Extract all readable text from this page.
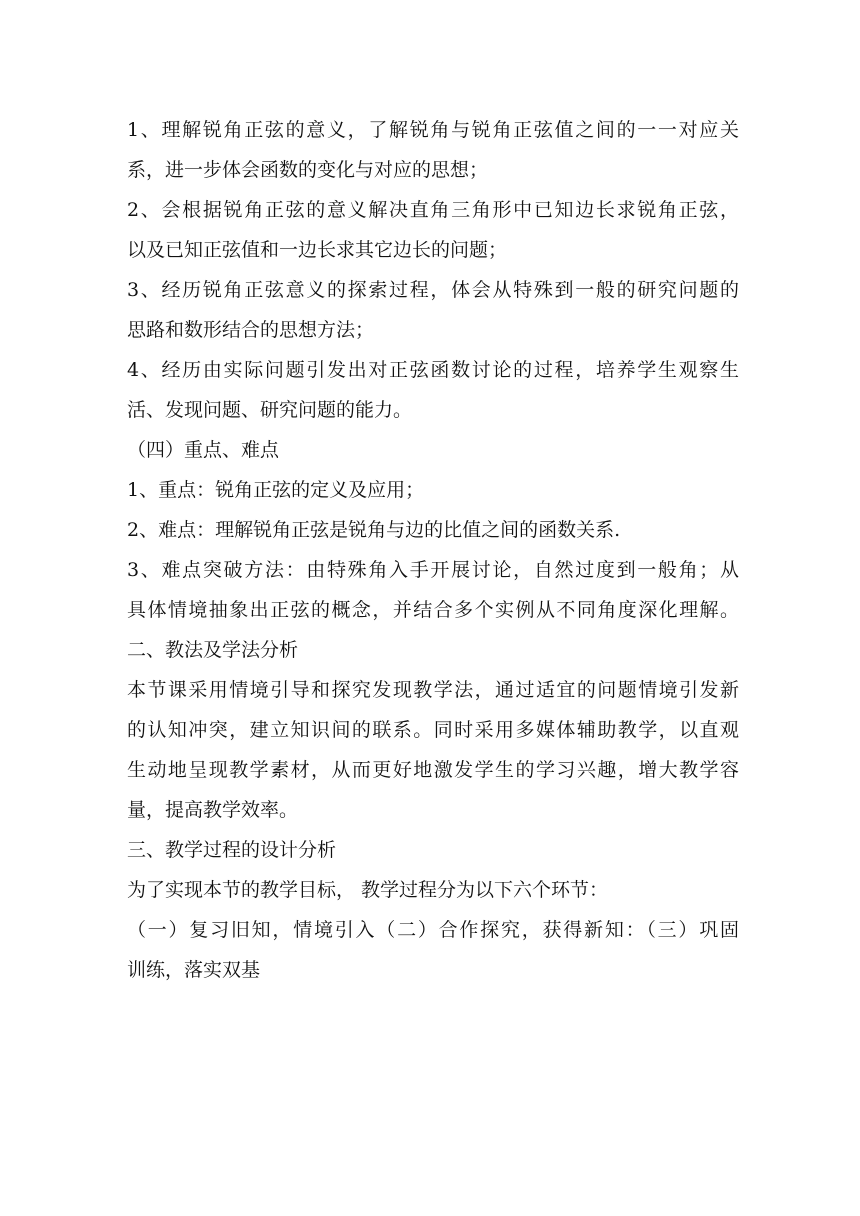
1、理解锐角正弦的意义，了解锐角与锐角正弦值之间的一一对应关
系，进一步体会函数的变化与对应的思想；
2、会根据锐角正弦的意义解决直角三角形中已知边长求锐角正弦，
以及已知正弦值和一边长求其它边长的问题；
3、经历锐角正弦意义的探索过程，体会从特殊到一般的研究问题的
思路和数形结合的思想方法；
4、经历由实际问题引发出对正弦函数讨论的过程，培养学生观察生
活、发现问题、研究问题的能力。
（四）重点、难点
1、重点：锐角正弦的定义及应用；
2、难点：理解锐角正弦是锐角与边的比值之间的函数关系.
3、难点突破方法：由特殊角入手开展讨论，自然过度到一般角；从
具体情境抽象出正弦的概念，并结合多个实例从不同角度深化理解。
二、教法及学法分析
本节课采用情境引导和探究发现教学法，通过适宜的问题情境引发新
的认知冲突，建立知识间的联系。同时采用多媒体辅助教学，以直观
生动地呈现教学素材，从而更好地激发学生的学习兴趣，增大教学容
量，提高教学效率。
三、教学过程的设计分析
为了实现本节的教学目标， 教学过程分为以下六个环节：
（一）复习旧知，情境引入（二）合作探究，获得新知：（三）巩固
训练，落实双基
